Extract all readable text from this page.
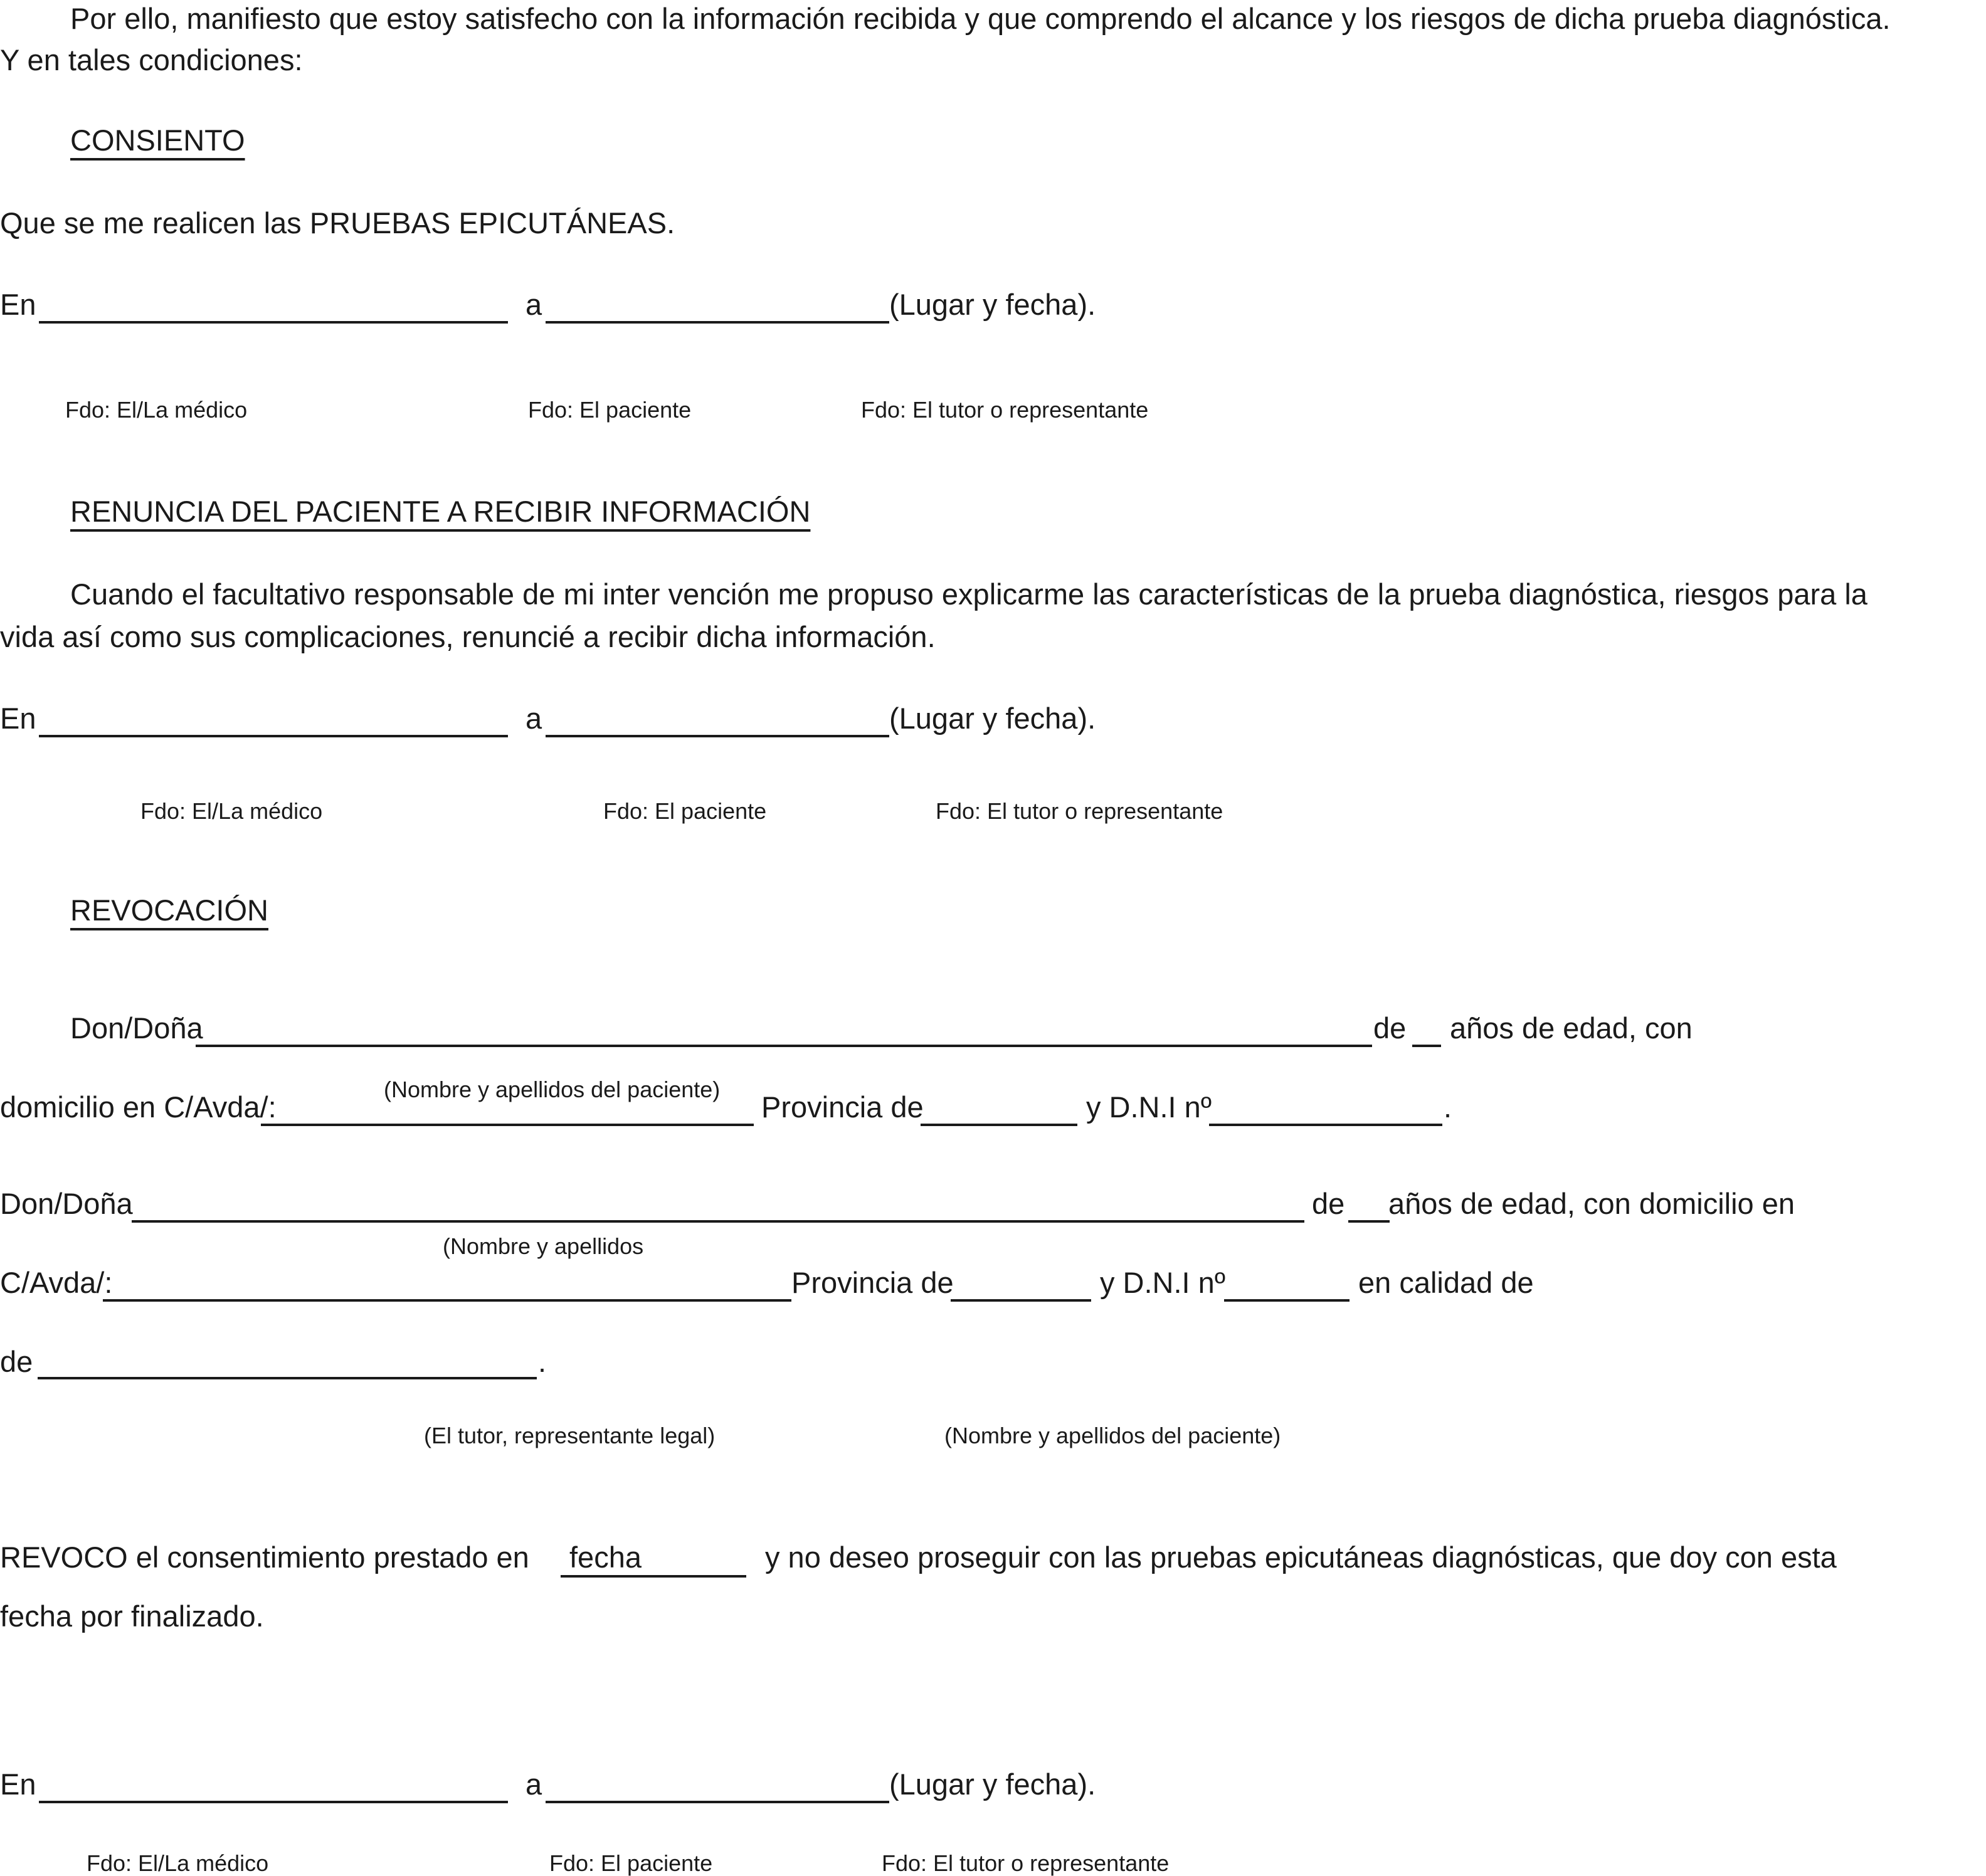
Por ello, manifiesto que estoy satisfecho con la información recibida y que comprendo el alcance y los riesgos de dicha prueba diagnóstica.
Y en tales condiciones:
CONSIENTO
Que se me realicen las PRUEBAS EPICUTÁNEAS.
En	a	(Lugar y fecha).
Fdo: El/La médico	Fdo: El paciente	Fdo: El tutor o representante
RENUNCIA DEL PACIENTE A RECIBIR INFORMACIÓN
Cuando el facultativo responsable de mi inter vención me propuso explicarme las características de la prueba diagnóstica, riesgos para la
vida así como sus complicaciones, renuncié a recibir dicha información.
En	a	(Lugar y fecha).
Fdo: El/La médico	Fdo: El paciente	Fdo: El tutor o representante
REVOCACIÓN
Don/Doña	de años de edad, con
(Nombre y apellidos del paciente)
domicilio en C/Avda/:	Provincia de	y D.N.I nº	.
Don/Doña	de años de edad, con domicilio en
(Nombre y apellidos
C/Avda/:	Provincia de	y D.N.I nº	en calidad de
de	.
(El tutor, representante legal)	(Nombre y apellidos del paciente)
REVOCO el consentimiento prestado en fecha	y no deseo proseguir con las pruebas epicutáneas diagnósticas, que doy con esta
fecha por finalizado.
En	a	(Lugar y fecha).
Fdo: El/La médico	Fdo: El paciente	Fdo: El tutor o representante
